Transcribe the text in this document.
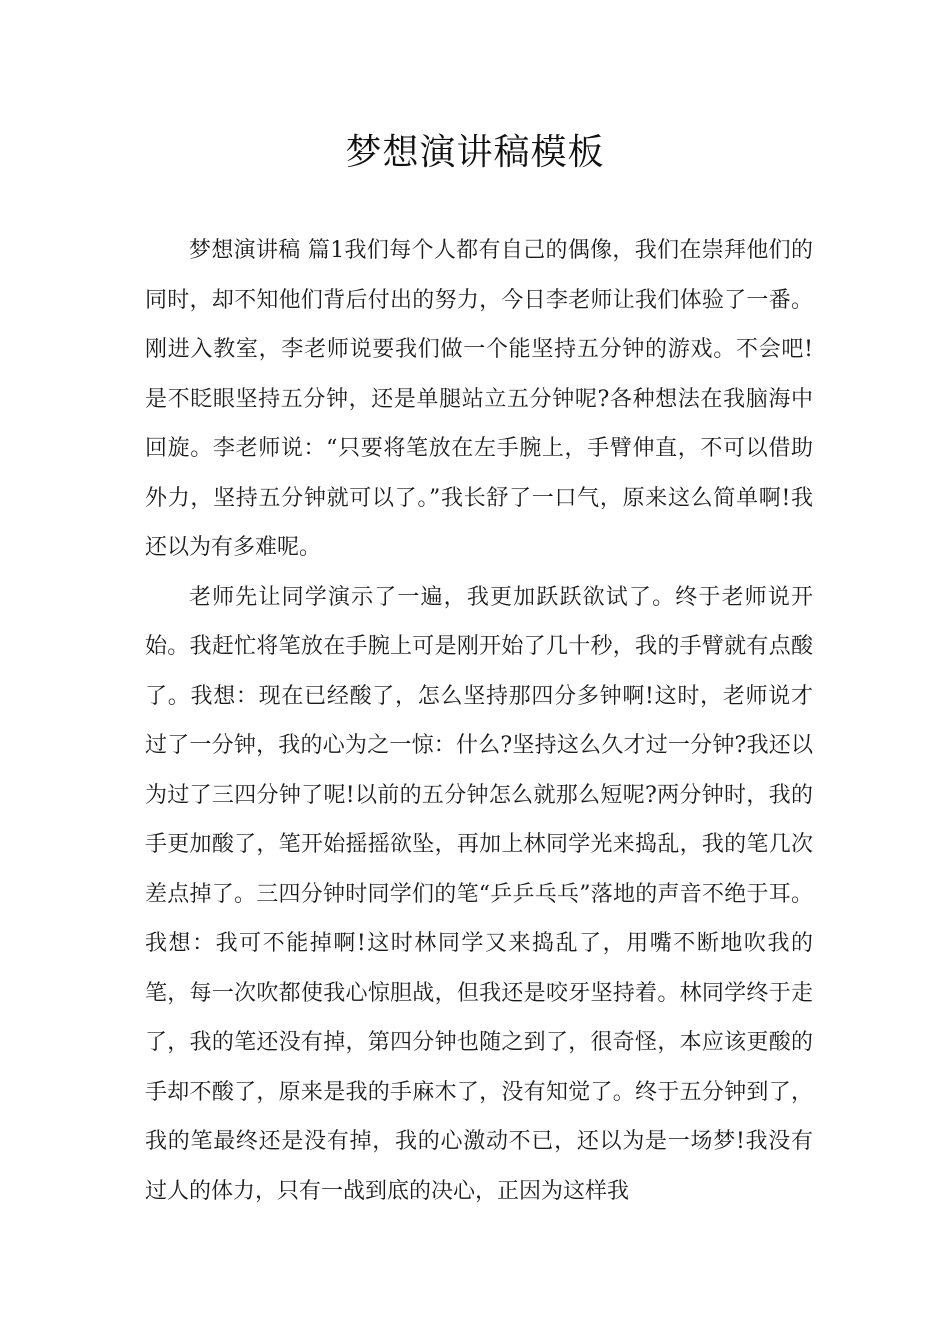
梦想演讲稿模板

梦想演讲稿 篇1我们每个人都有自己的偶像，我们在崇拜他们的同时，却不知他们背后付出的努力，今日李老师让我们体验了一番。刚进入教室，李老师说要我们做一个能坚持五分钟的游戏。不会吧!是不眨眼坚持五分钟，还是单腿站立五分钟呢?各种想法在我脑海中回旋。李老师说：“只要将笔放在左手腕上，手臂伸直，不可以借助外力，坚持五分钟就可以了。”我长舒了一口气，原来这么简单啊!我还以为有多难呢。

老师先让同学演示了一遍，我更加跃跃欲试了。终于老师说开始。我赶忙将笔放在手腕上可是刚开始了几十秒，我的手臂就有点酸了。我想：现在已经酸了，怎么坚持那四分多钟啊!这时，老师说才过了一分钟，我的心为之一惊：什么?坚持这么久才过一分钟?我还以为过了三四分钟了呢!以前的五分钟怎么就那么短呢?两分钟时，我的手更加酸了，笔开始摇摇欲坠，再加上林同学光来捣乱，我的笔几次差点掉了。三四分钟时同学们的笔“乒乒乓乓”落地的声音不绝于耳。我想：我可不能掉啊!这时林同学又来捣乱了，用嘴不断地吹我的笔，每一次吹都使我心惊胆战，但我还是咬牙坚持着。林同学终于走了，我的笔还没有掉，第四分钟也随之到了，很奇怪，本应该更酸的手却不酸了，原来是我的手麻木了，没有知觉了。终于五分钟到了，我的笔最终还是没有掉，我的心激动不已，还以为是一场梦!我没有过人的体力，只有一战到底的决心，正因为这样我
